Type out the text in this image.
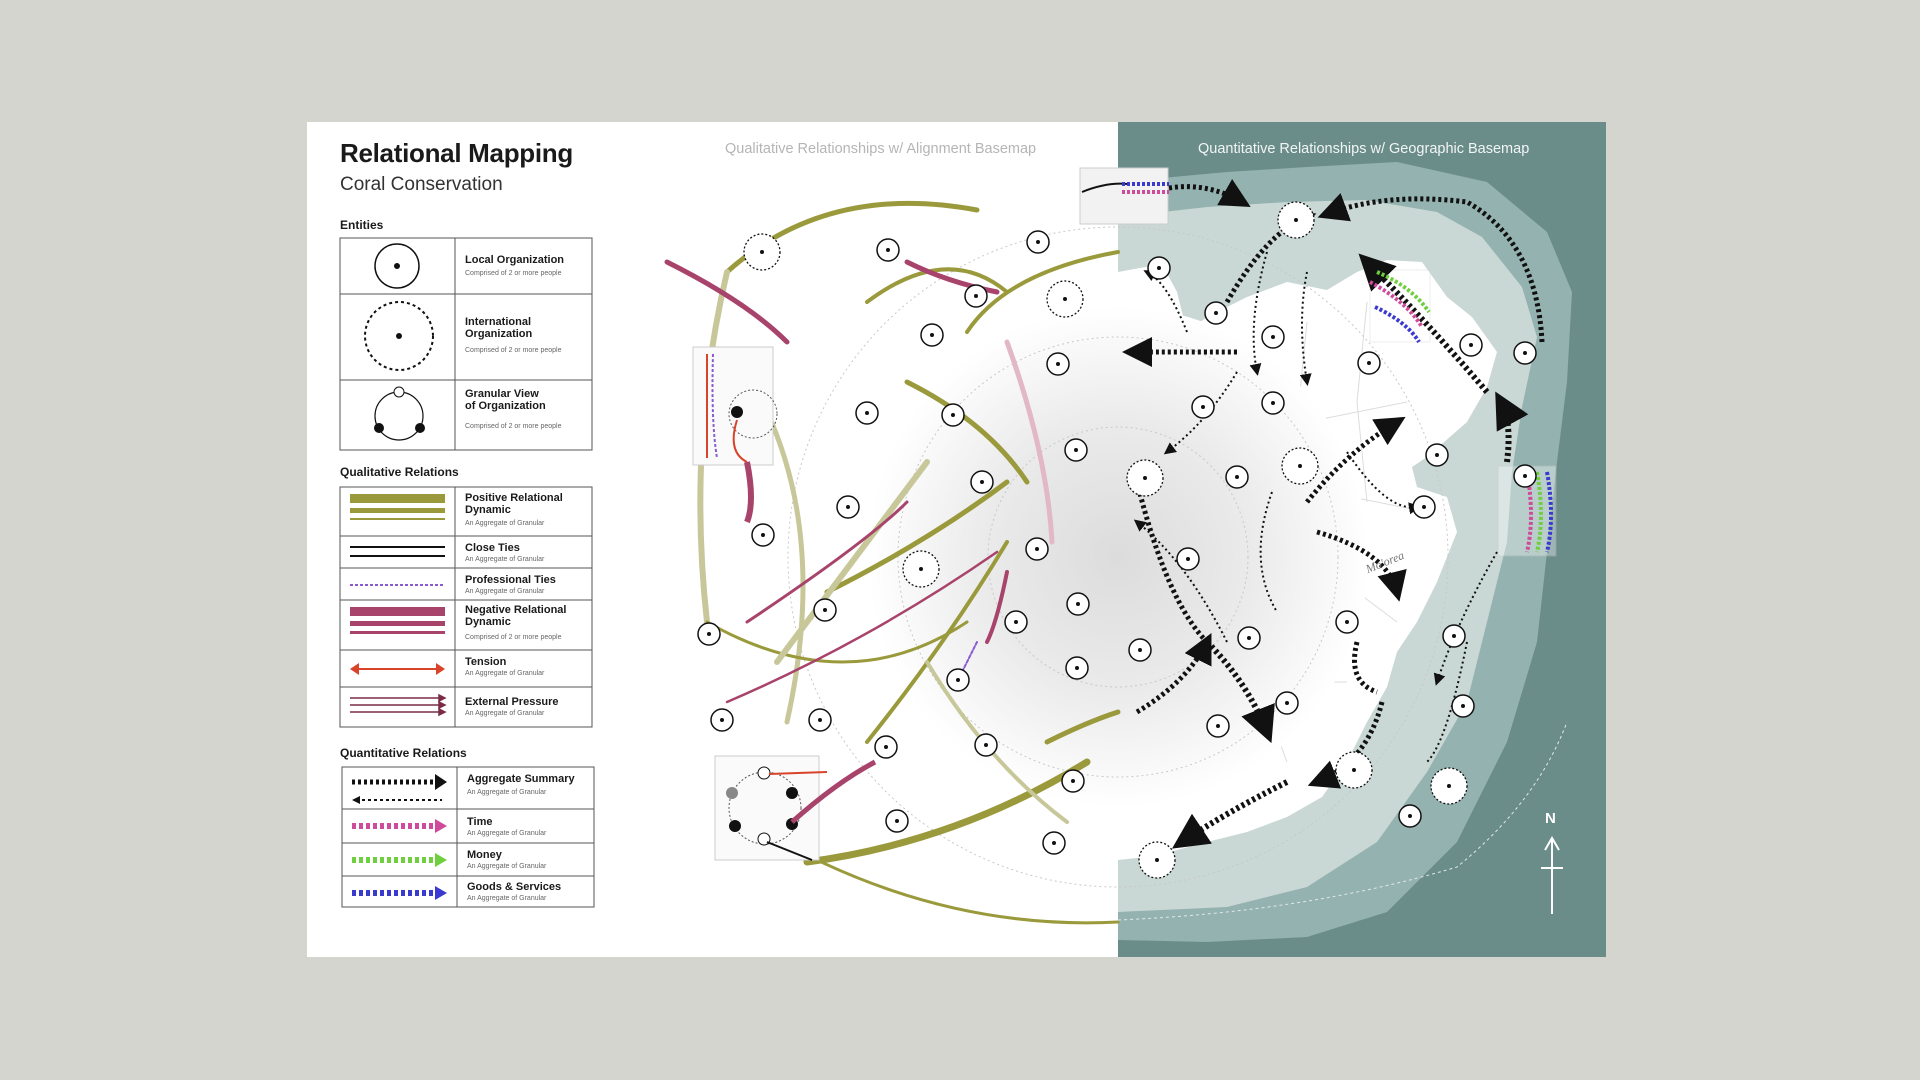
Qualitative Relationships w/ Alignment Basemap	Quantitative Relationships w/ Geographic Basemap
Mo'orea
N
Relational Mapping
Coral Conservation
Entities
Qualitative Relations
Quantitative Relations
Local Organization
Comprised of 2 or more people
International Organization
Comprised of 2 or more people
Granular View of Organization
Comprised of 2 or more people
Positive Relational Dynamic
An Aggregate of Granular
Close Ties
An Aggregate of Granular
Professional Ties
An Aggregate of Granular
Negative Relational Dynamic
Comprised of 2 or more people
Tension
An Aggregate of Granular
External Pressure
An Aggregate of Granular
Aggregate Summary
An Aggregate of Granular
Time
An Aggregate of Granular
Money
An Aggregate of Granular
Goods & Services
An Aggregate of Granular
